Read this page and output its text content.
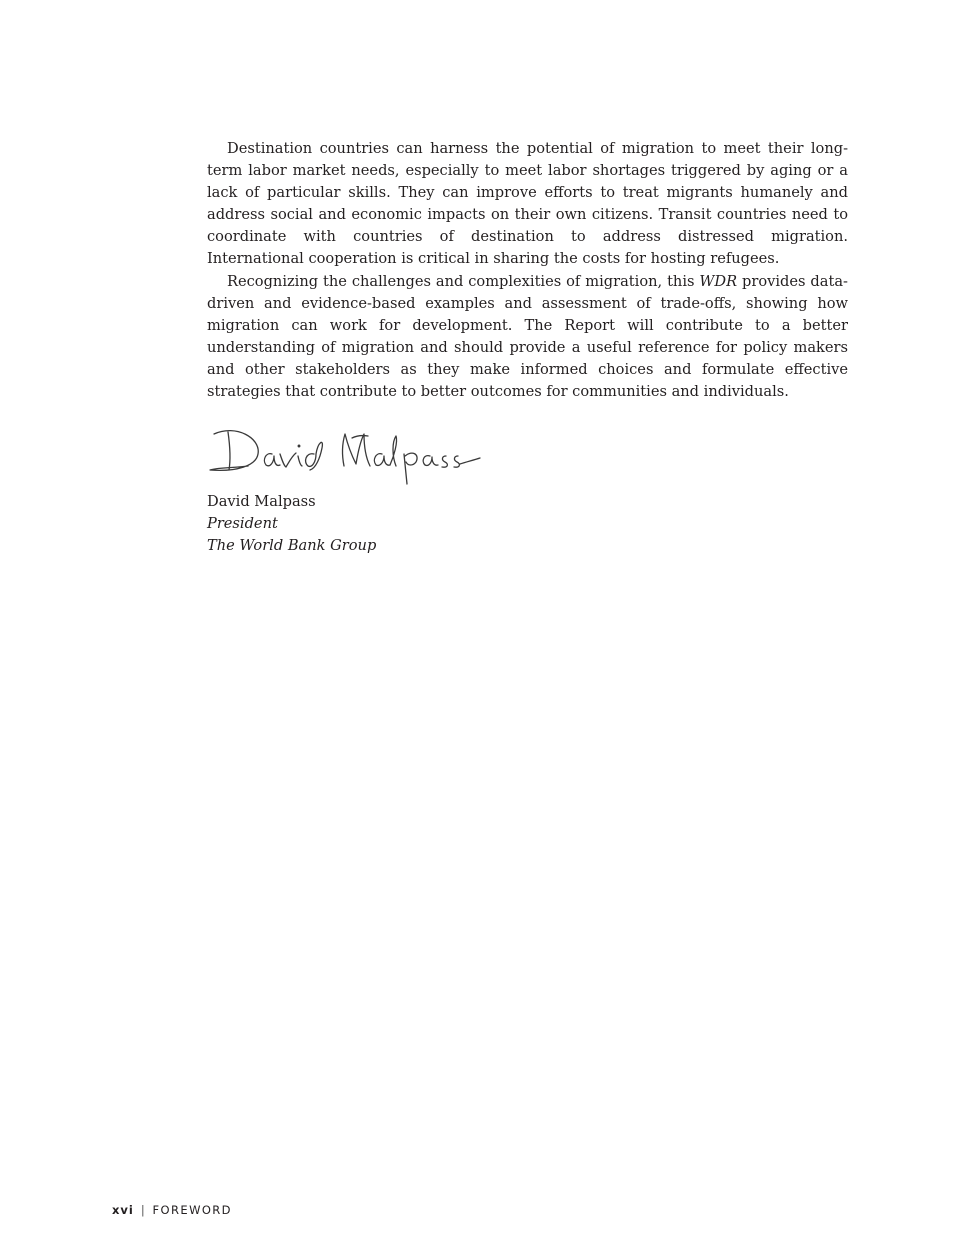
Destination countries can harness the potential of migration to meet their long-term labor market needs, especially to meet labor shortages triggered by aging or a lack of particular skills. They can improve efforts to treat migrants humanely and address social and economic impacts on their own citizens. Transit countries need to coordinate with countries of destination to address distressed migration. International cooperation is critical in sharing the costs for hosting refugees.

Recognizing the challenges and complexities of migration, this WDR provides data-driven and evidence-based examples and assessment of trade-offs, showing how migration can work for development. The Report will contribute to a better understanding of migration and should provide a useful reference for policy makers and other stakeholders as they make informed choices and formulate effective strategies that contribute to better outcomes for communities and individuals.

David Malpass
President
The World Bank Group
xvi | FOREWORD
